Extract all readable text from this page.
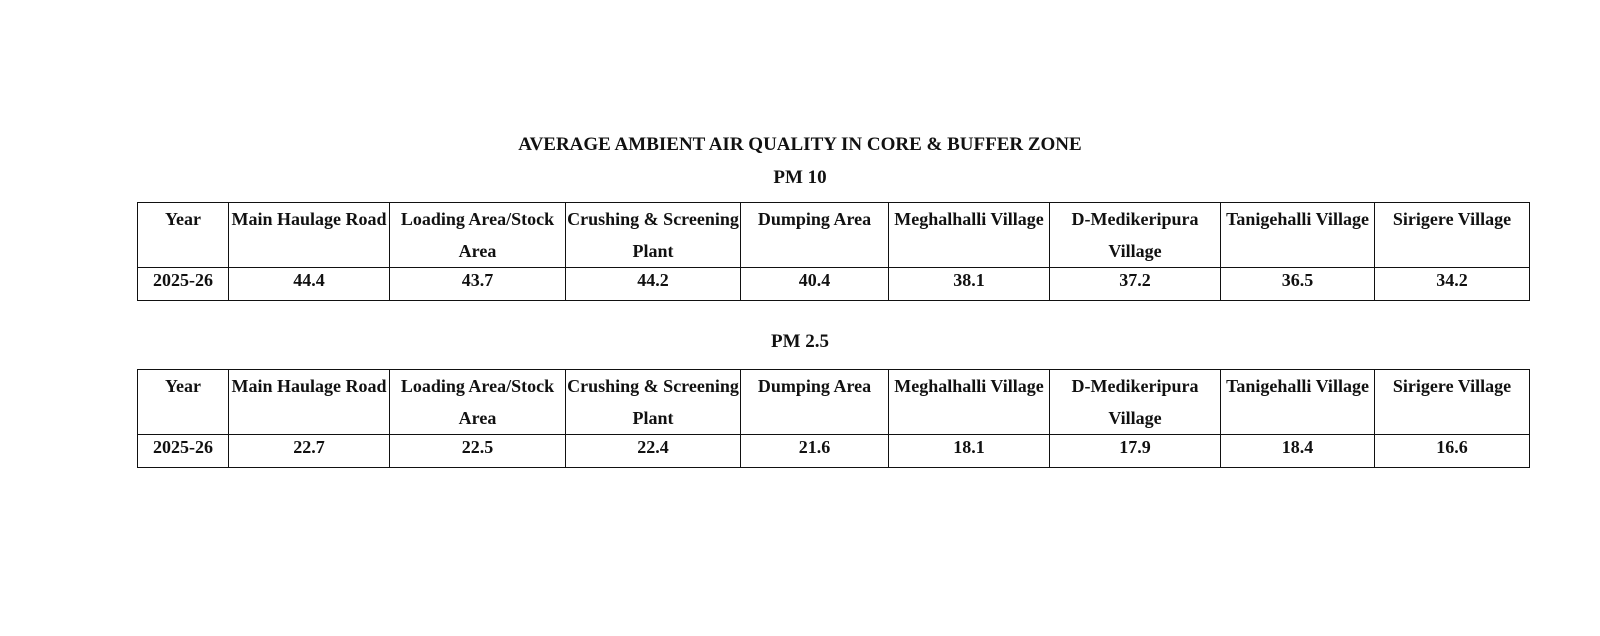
AVERAGE AMBIENT AIR QUALITY IN CORE & BUFFER ZONE
PM 10
Year	Main Haulage Road	Loading Area/Stock Area	Crushing & Screening Plant	Dumping Area	Meghalhalli Village	D-Medikeripura Village	Tanigehalli Village	Sirigere Village
2025-26	44.4	43.7	44.2	40.4	38.1	37.2	36.5	34.2
PM 2.5
Year	Main Haulage Road	Loading Area/Stock Area	Crushing & Screening Plant	Dumping Area	Meghalhalli Village	D-Medikeripura Village	Tanigehalli Village	Sirigere Village
2025-26	22.7	22.5	22.4	21.6	18.1	17.9	18.4	16.6
